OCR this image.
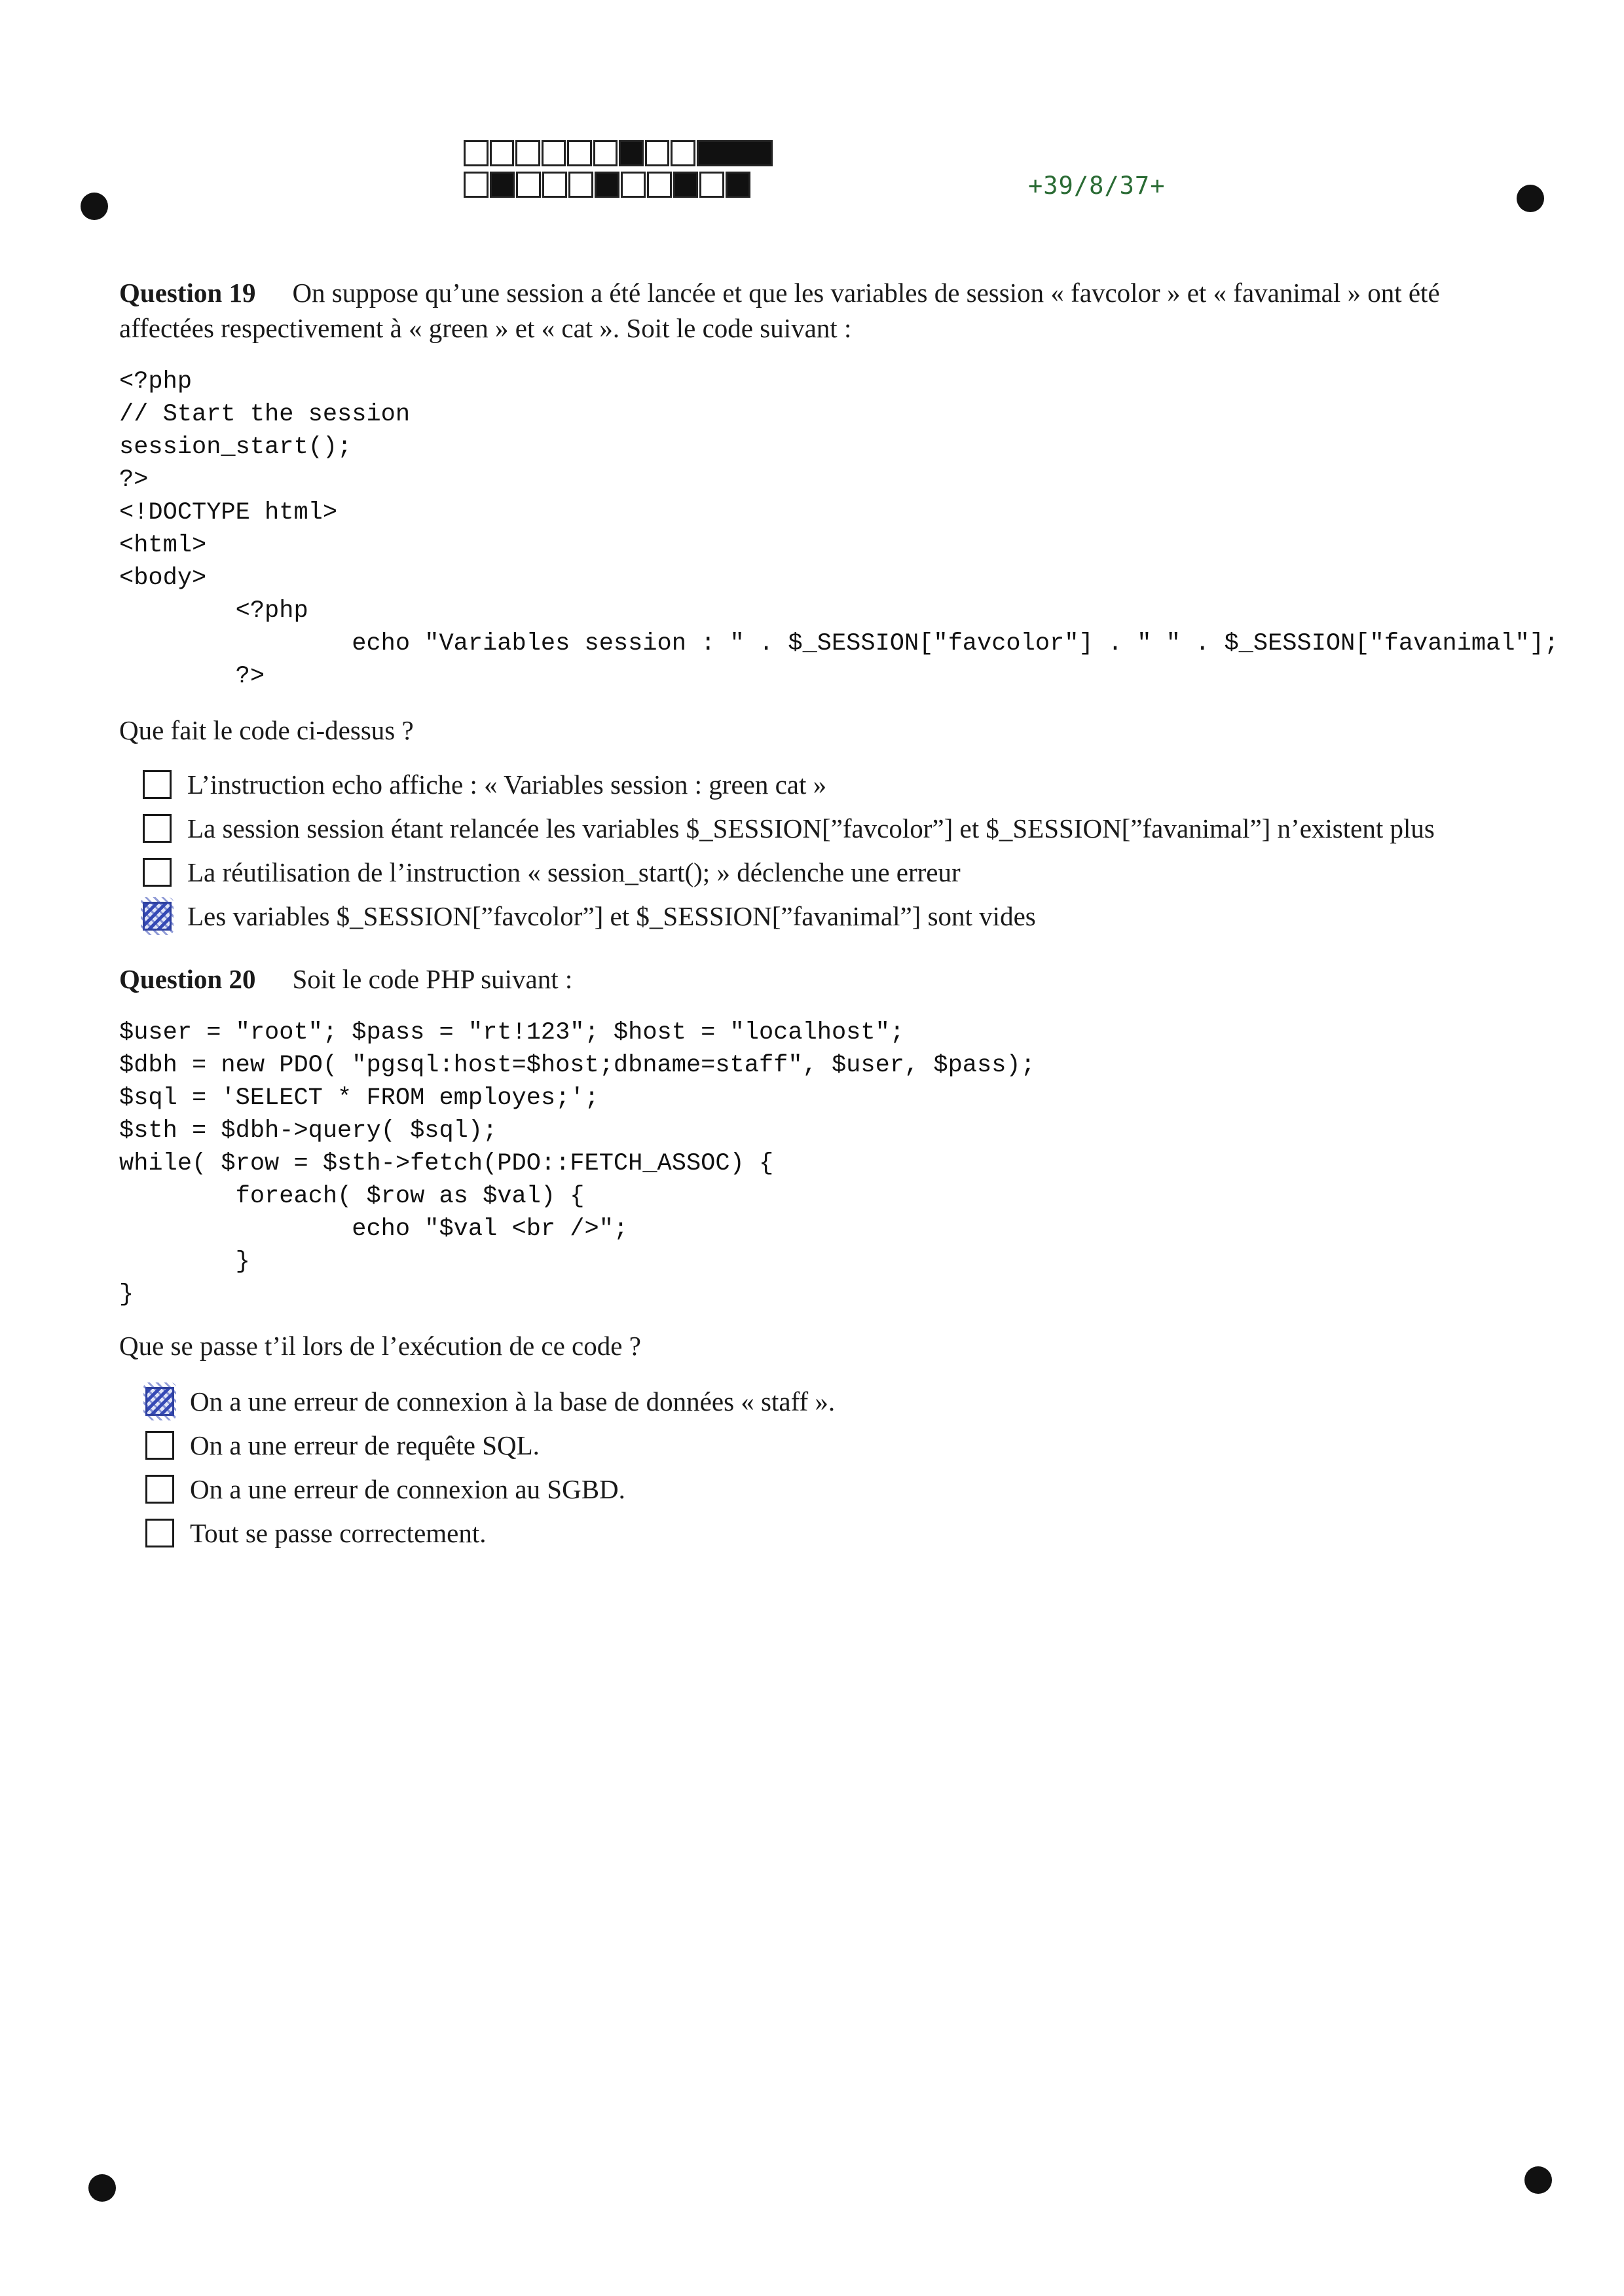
+39/8/37+
Question 19 On suppose qu’une session a été lancée et que les variables de session « favcolor » et « favanimal » ont été affectées respectivement à « green » et « cat ». Soit le code suivant :
<?php
// Start the session
session_start();
?>
<!DOCTYPE html>
<html>
<body>
<?php
echo "Variables session : " . $_SESSION["favcolor"] . " " . $_SESSION["favanimal"];
?>
Que fait le code ci-dessus ?
L’instruction echo affiche : « Variables session : green cat »
La session session étant relancée les variables $_SESSION[”favcolor”] et $_SESSION[”favanimal”] n’existent plus
La réutilisation de l’instruction « session_start(); » déclenche une erreur
Les variables $_SESSION[”favcolor”] et $_SESSION[”favanimal”] sont vides
Question 20 Soit le code PHP suivant :
$user = "root"; $pass = "rt!123"; $host = "localhost";
$dbh = new PDO( "pgsql:host=$host;dbname=staff", $user, $pass);
$sql = 'SELECT * FROM employes;';
$sth = $dbh->query( $sql);
while( $row = $sth->fetch(PDO::FETCH_ASSOC) {
foreach( $row as $val) {
echo "$val <br />";
}
}
Que se passe t’il lors de l’exécution de ce code ?
On a une erreur de connexion à la base de données « staff ».
On a une erreur de requête SQL.
On a une erreur de connexion au SGBD.
Tout se passe correctement.
